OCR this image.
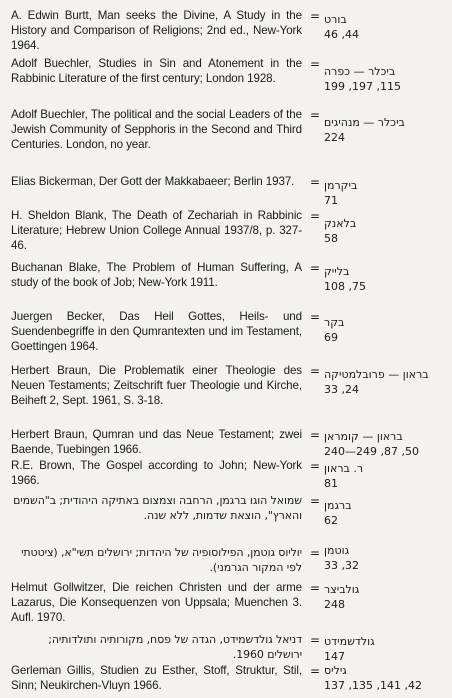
A. Edwin Burtt, Man seeks the Divine, A Study in the History and Comparison of Religions; 2nd ed., New-York 1964.
= בורט
46 ,44
Adolf Buechler, Studies in Sin and Atonement in the Rabbinic Literature of the first century; London 1928.
=
ביכלר — כפרה
199 ,197 ,115
Adolf Buechler, The political and the social Leaders of the Jewish Community of Sepphoris in the Second and Third Centuries. London, no year.
=
ביכלר — מנהיגים
224
Elias Bickerman, Der Gott der Makkabaeer; Berlin 1937.	= ביקרמן
71
H. Sheldon Blank, The Death of Zechariah in Rabbinic Literature; Hebrew Union College Annual 1937/8, p. 327-46.
=
בלאנק
58
Buchanan Blake, The Problem of Human Suffering, A study of the book of Job; New-York 1911.
= בלייק
108 ,75
Juergen Becker, Das Heil Gottes, Heils- und Suendenbegriffe in den Qumrantexten und im Testament, Goettingen 1964.
= בקר
69
Herbert Braun, Die Problematik einer Theologie des Neuen Testaments; Zeitschrift fuer Theologie und Kirche, Beiheft 2, Sept. 1961, S. 3-18.
= בראון — פרובלמטיקה
33 ,24
Herbert Braun, Qumran und das Neue Testament; zwei Baende, Tuebingen 1966.
= בראון — קומראן
240—249 ,87 ,50
R.E. Brown, The Gospel according to John; New-York 1966.
= ר. בראון
81
שמואל הוגו ברגמן, הרחבה וצמצום באתיקה היהודית; ב"השמים והארץ", הוצאת שדמות, ללא שנה.
= ברגמן
62
יוליוס גוטמן, הפילוסופיה של היהדות; ירושלים תשי"א, (ציטטתי לפי המקור הגרמני).
= גוטמן
33 ,32
Helmut Gollwitzer, Die reichen Christen und der arme Lazarus, Die Konsequenzen von Uppsala; Muenchen 3. Aufl. 1970.
= גולביצר
248
דניאל גולדשמידט, הגדה של פסח, מקורותיה ותולדותיה; ירושלים 1960.
= גולדשמידט
147
Gerleman Gillis, Studien zu Esther, Stoff, Struktur, Stil, Sinn; Neukirchen-Vluyn 1966.
= גיליס
137 ,135 ,141 ,42
